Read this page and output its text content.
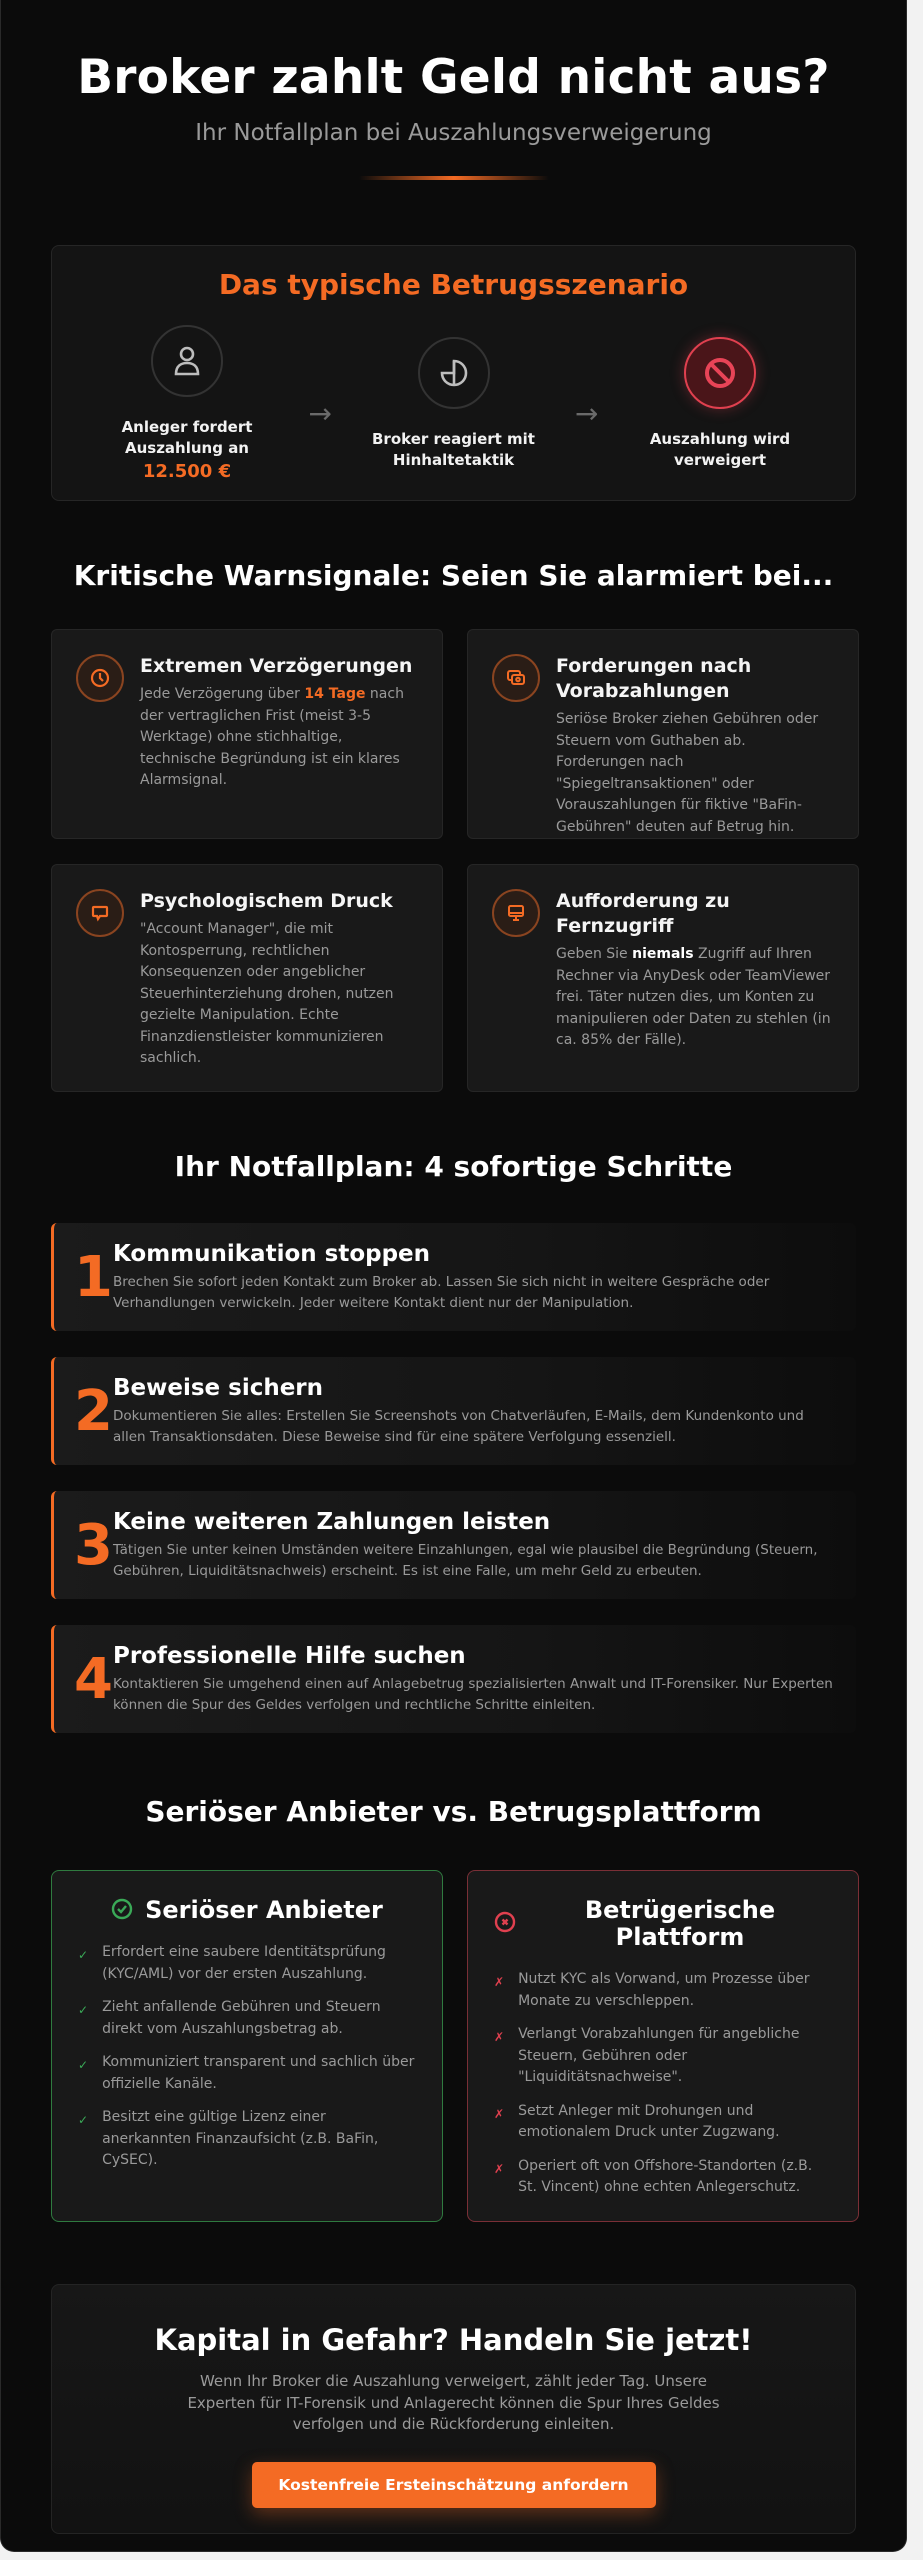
Broker zahlt Geld nicht aus?
Ihr Notfallplan bei Auszahlungsverweigerung
Das typische Betrugsszenario
Anleger fordert Auszahlung an
12.500 €
→
Broker reagiert mit Hinhaltetaktik
→
Auszahlung wird verweigert
Kritische Warnsignale: Seien Sie alarmiert bei...
Extremen Verzögerungen

Jede Verzögerung über 14 Tage nach der vertraglichen Frist (meist 3-5 Werktage) ohne stichhaltige, technische Begründung ist ein klares Alarmsignal.

Forderungen nach Vorabzahlungen

Seriöse Broker ziehen Gebühren oder Steuern vom Guthaben ab. Forderungen nach "Spiegeltransaktionen" oder Vorauszahlungen für fiktive "BaFin-Gebühren" deuten auf Betrug hin.

Psychologischem Druck

"Account Manager", die mit Kontosperrung, rechtlichen Konsequenzen oder angeblicher Steuerhinterziehung drohen, nutzen gezielte Manipulation. Echte Finanzdienstleister kommunizieren sachlich.

Aufforderung zu Fernzugriff

Geben Sie niemals Zugriff auf Ihren Rechner via AnyDesk oder TeamViewer frei. Täter nutzen dies, um Konten zu manipulieren oder Daten zu stehlen (in ca. 85% der Fälle).

Ihr Notfallplan: 4 sofortige Schritte
1 Kommunikation stoppen

Brechen Sie sofort jeden Kontakt zum Broker ab. Lassen Sie sich nicht in weitere Gespräche oder Verhandlungen verwickeln. Jeder weitere Kontakt dient nur der Manipulation.

2 Beweise sichern

Dokumentieren Sie alles: Erstellen Sie Screenshots von Chatverläufen, E-Mails, dem Kundenkonto und allen Transaktionsdaten. Diese Beweise sind für eine spätere Verfolgung essenziell.

3 Keine weiteren Zahlungen leisten

Tätigen Sie unter keinen Umständen weitere Einzahlungen, egal wie plausibel die Begründung (Steuern, Gebühren, Liquiditätsnachweis) erscheint. Es ist eine Falle, um mehr Geld zu erbeuten.

4 Professionelle Hilfe suchen

Kontaktieren Sie umgehend einen auf Anlagebetrug spezialisierten Anwalt und IT-Forensiker. Nur Experten können die Spur des Geldes verfolgen und rechtliche Schritte einleiten.

Seriöser Anbieter vs. Betrugsplattform
Seriöser Anbieter
✓ Erfordert eine saubere Identitätsprüfung (KYC/AML) vor der ersten Auszahlung.
✓ Zieht anfallende Gebühren und Steuern direkt vom Auszahlungsbetrag ab.
✓ Kommuniziert transparent und sachlich über offizielle Kanäle.
✓ Besitzt eine gültige Lizenz einer anerkannten Finanzaufsicht (z.B. BaFin, CySEC).
Betrügerische Plattform
✗ Nutzt KYC als Vorwand, um Prozesse über Monate zu verschleppen.
✗ Verlangt Vorabzahlungen für angebliche Steuern, Gebühren oder "Liquiditätsnachweise".
✗ Setzt Anleger mit Drohungen und emotionalem Druck unter Zugzwang.
✗ Operiert oft von Offshore-Standorten (z.B. St. Vincent) ohne echten Anlegerschutz.
Kapital in Gefahr? Handeln Sie jetzt!

Wenn Ihr Broker die Auszahlung verweigert, zählt jeder Tag. Unsere Experten für IT-Forensik und Anlagerecht können die Spur Ihres Geldes verfolgen und die Rückforderung einleiten.

Kostenfreie Ersteinschätzung anfordern
